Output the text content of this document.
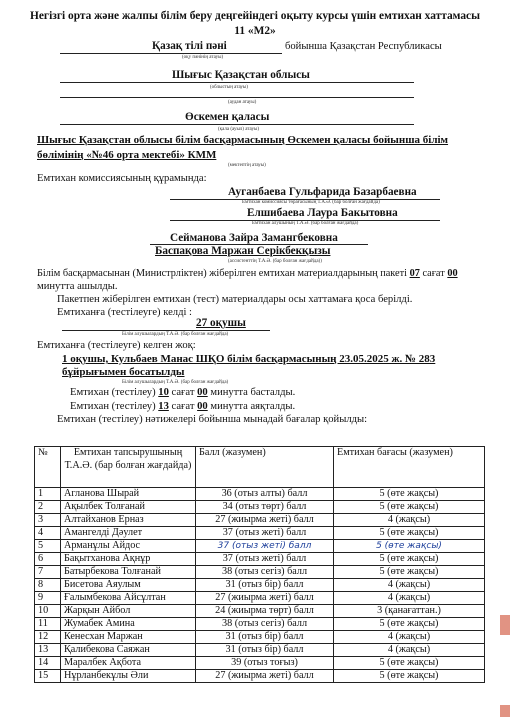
Негізгі орта жəне жалпы білім беру деңгейіндегі оқыту курсы үшін емтихан хаттамасы
11 «М2»
Қазақ тілі пəні	бойынша Қазақстан Республикасы
(оқу пəнінің атауы)
Шығыс Қазақстан облысы
(облыстың атауы)
(аудан атауы)
Өскемен қаласы
(қала (ауыл) атауы)
Шығыс Қазақстан облысы білім басқармасының Өскемен қаласы бойынша білім
бөлімінің «№46 орта мектебі» КММ
(мектептің атауы)
Емтихан комиссиясының құрамында:
Ауганбаева Гульфарида Базарбаевна
Емтихан комиссиясы төрағасының Т.А.Ә. (бар болған жағдайда)
Елшибаева Лаура Бакытовна
Емтихан алушының Т.А.Ә. (бар болған жағдайда)
Сейманова Зайра Замангбековна
Баспақова Маржан Серікбекқызы
(ассистенттің Т.А.Ә. (бар болған жағдайда))
Білім басқармасынан (Министрліктен) жіберілген емтихан материалдарының пакеті 07 сағат 00
минутта ашылды.
Пакетпен жіберілген емтихан (тест) материалдары осы хаттамаға қоса берілді.
Емтиханға (тестілеуге) келді :
27 оқушы
Білім алушылардың Т.А.Ә. (бар болған жағдайда)
Емтиханға (тестілеуге) келген жоқ:
1 оқушы, Кульбаев Манас ШҚО білім басқармасының 23.05.2025 ж. № 283
бұйрығымен босатылды
Білім алушылардың Т.А.Ә. (бар болған жағдайда)
Емтихан (тестілеу) 10 сағат 00 минутта басталды.
Емтихан (тестілеу) 13 сағат 00 минутта аяқталды.
Емтихан (тестілеу) нәтижелері бойынша мынадай бағалар қойылды:
№	Емтихан тапсырушының Т.А.Ә. (бар болған жағдайда)	Балл (жазумен)	Емтихан бағасы (жазумен)
1	Агланова Шырай	36 (отыз алты) балл	5 (өте жақсы)
2	Ақылбек Толғанай	34 (отыз төрт) балл	5 (өте жақсы)
3	Алтайханов Ерназ	27 (жиырма жеті) балл	4 (жақсы)
4	Амангелді Дәулет	37 (отыз жеті) балл	5 (өте жақсы)
5	Арманұлы Айдос	37 (отыз жеті) балл	5 (өте жақсы)
6	Бақытханова Ақнұр	37 (отыз жеті) балл	5 (өте жақсы)
7	Батырбекова Толғанай	38 (отыз сегіз) балл	5 (өте жақсы)
8	Бисетова Аяулым	31 (отыз бір) балл	4 (жақсы)
9	Ғалымбекова Айсұлтан	27 (жиырма жеті) балл	4 (жақсы)
10	Жарқын Айбол	24 (жиырма төрт) балл	3 (қанағаттан.)
11	Жумабек Амина	38 (отыз сегіз) балл	5 (өте жақсы)
12	Кенесхан Маржан	31 (отыз бір) балл	4 (жақсы)
13	Қалибекова Саяжан	31 (отыз бір) балл	4 (жақсы)
14	Маралбек Ақбота	39 (отыз тоғыз)	5 (өте жақсы)
15	Нұрланбекұлы Әли	27 (жиырма жеті) балл	5 (өте жақсы)
